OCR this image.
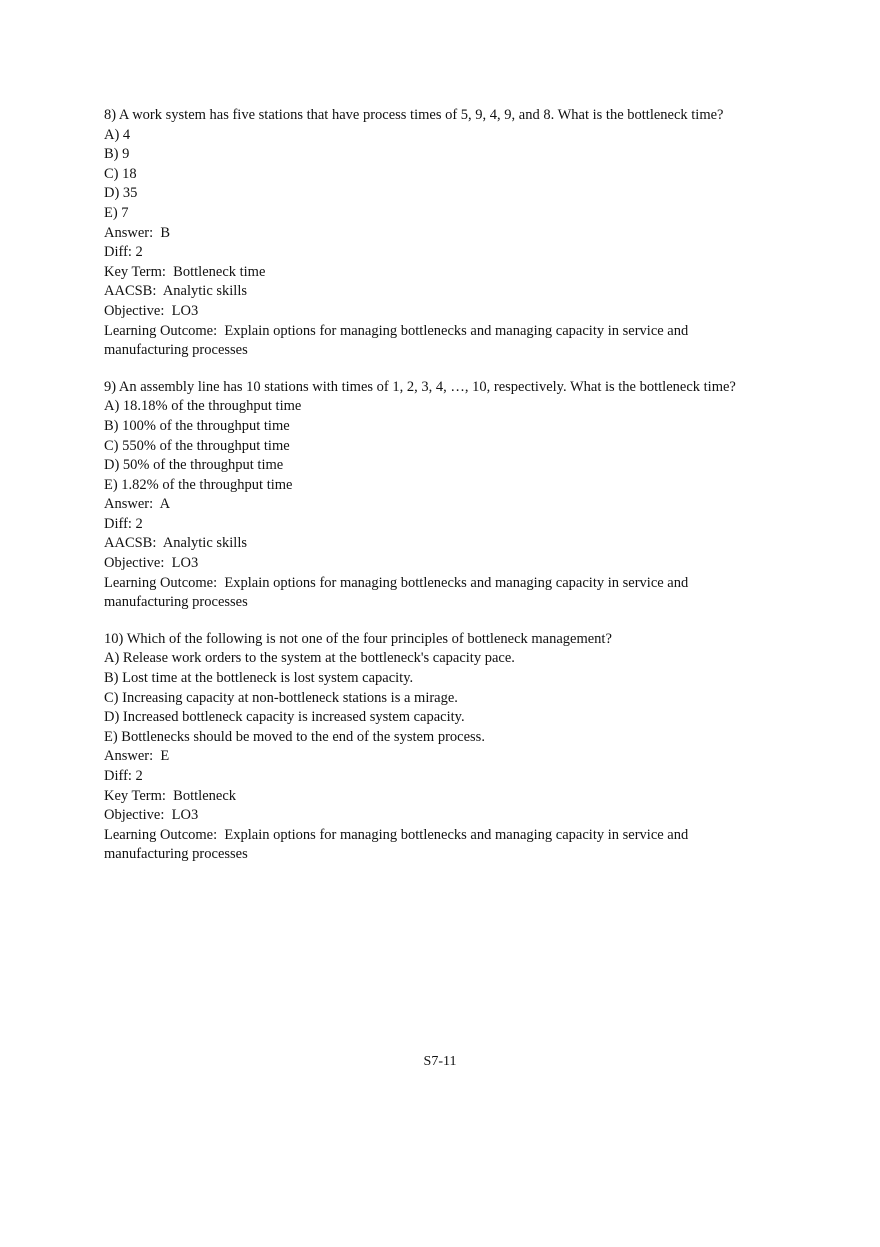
8) A work system has five stations that have process times of 5, 9, 4, 9, and 8. What is the bottleneck time?
A) 4
B) 9
C) 18
D) 35
E) 7
Answer:  B
Diff: 2
Key Term:  Bottleneck time
AACSB:  Analytic skills
Objective:  LO3
Learning Outcome:  Explain options for managing bottlenecks and managing capacity in service and manufacturing processes
9) An assembly line has 10 stations with times of 1, 2, 3, 4, …, 10, respectively. What is the bottleneck time?
A) 18.18% of the throughput time
B) 100% of the throughput time
C) 550% of the throughput time
D) 50% of the throughput time
E) 1.82% of the throughput time
Answer:  A
Diff: 2
AACSB:  Analytic skills
Objective:  LO3
Learning Outcome:  Explain options for managing bottlenecks and managing capacity in service and manufacturing processes
10) Which of the following is not one of the four principles of bottleneck management?
A) Release work orders to the system at the bottleneck's capacity pace.
B) Lost time at the bottleneck is lost system capacity.
C) Increasing capacity at non-bottleneck stations is a mirage.
D) Increased bottleneck capacity is increased system capacity.
E) Bottlenecks should be moved to the end of the system process.
Answer:  E
Diff: 2
Key Term:  Bottleneck
Objective:  LO3
Learning Outcome:  Explain options for managing bottlenecks and managing capacity in service and manufacturing processes
S7-11
